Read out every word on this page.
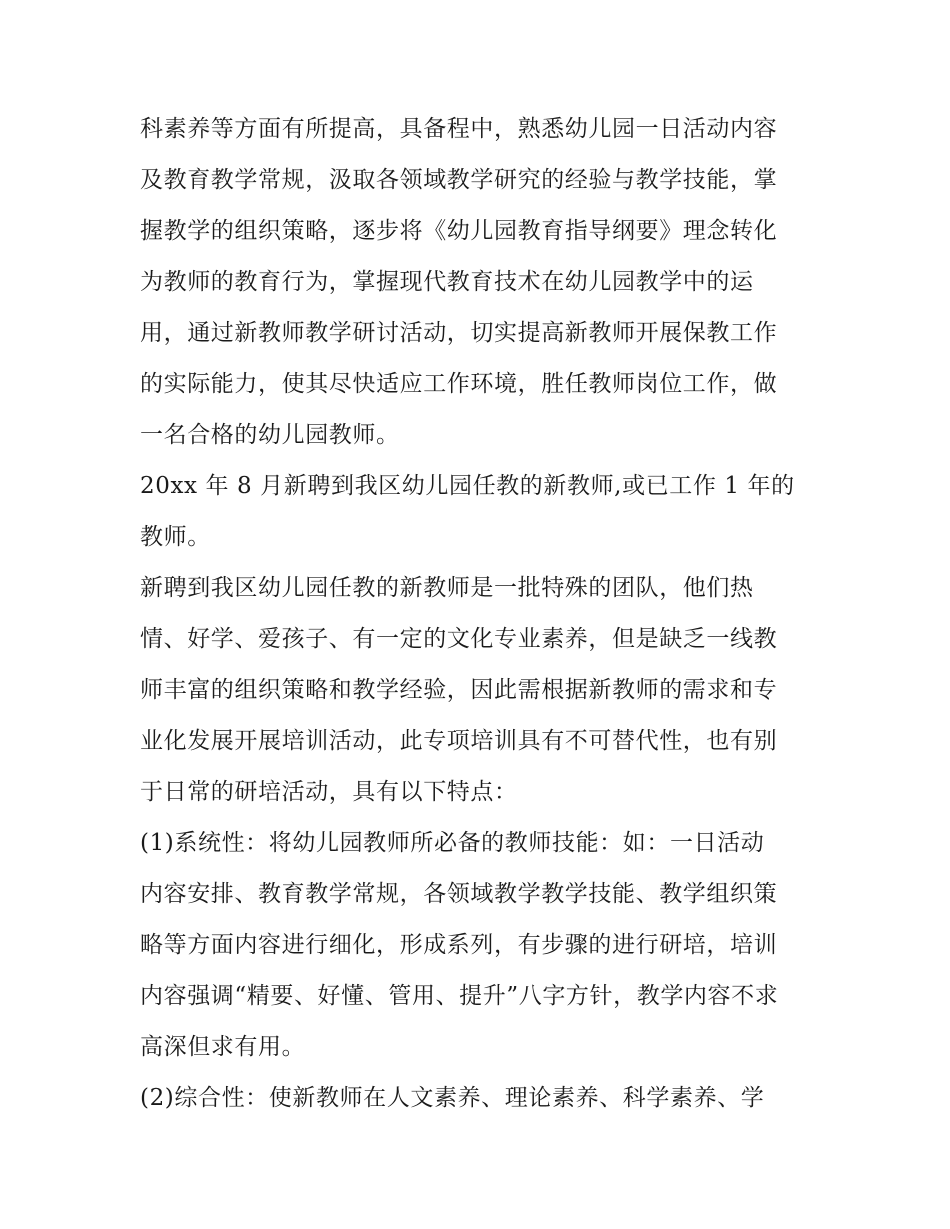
科素养等方面有所提高，具备程中，熟悉幼儿园一日活动内容
及教育教学常规，汲取各领域教学研究的经验与教学技能，掌
握教学的组织策略，逐步将《幼儿园教育指导纲要》理念转化
为教师的教育行为，掌握现代教育技术在幼儿园教学中的运
用，通过新教师教学研讨活动，切实提高新教师开展保教工作
的实际能力，使其尽快适应工作环境，胜任教师岗位工作，做
一名合格的幼儿园教师。
20xx 年 8 月新聘到我区幼儿园任教的新教师,或已工作 1 年的
教师。
新聘到我区幼儿园任教的新教师是一批特殊的团队，他们热
情、好学、爱孩子、有一定的文化专业素养，但是缺乏一线教
师丰富的组织策略和教学经验，因此需根据新教师的需求和专
业化发展开展培训活动，此专项培训具有不可替代性，也有别
于日常的研培活动，具有以下特点：
(1)系统性：将幼儿园教师所必备的教师技能：如：一日活动
内容安排、教育教学常规，各领域教学教学技能、教学组织策
略等方面内容进行细化，形成系列，有步骤的进行研培，培训
内容强调“精要、好懂、管用、提升”八字方针，教学内容不求
高深但求有用。
(2)综合性：使新教师在人文素养、理论素养、科学素养、学
